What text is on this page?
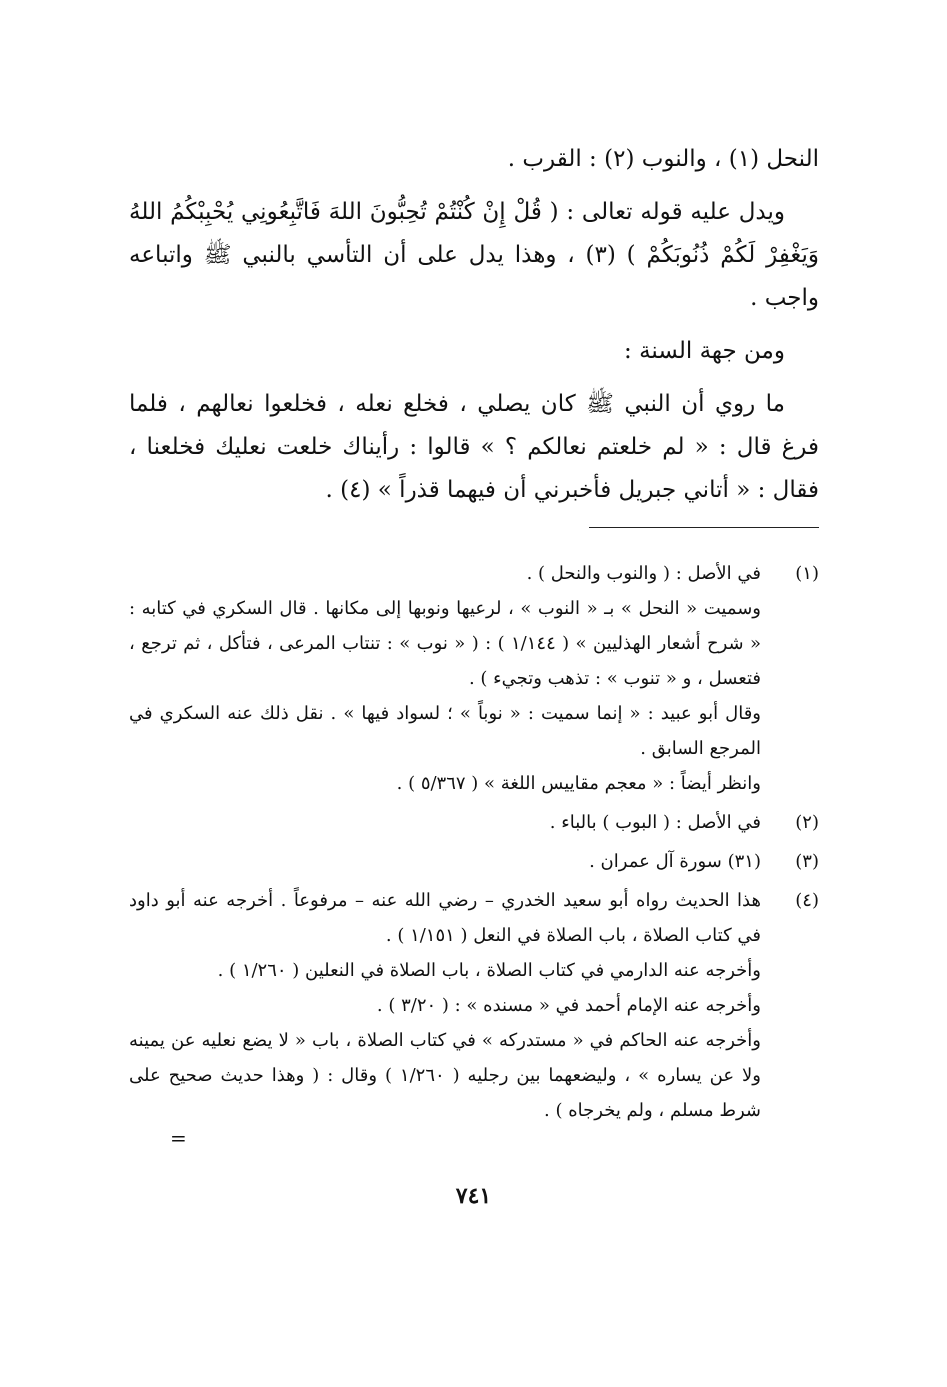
النحل (١) ، والنوب (٢) : القرب .

ويدل عليه قوله تعالى : ( قُلْ إِنْ كُنْتُمْ تُحِبُّونَ اللهَ فَاتَّبِعُونِي يُحْبِبْكُمُ اللهُ وَيَغْفِرْ لَكُمْ ذُنُوبَكُمْ ) (٣) ، وهذا يدل على أن التأسي بالنبي ﷺ واتباعه واجب .

ومن جهة السنة :

ما روي أن النبي ﷺ كان يصلي ، فخلع نعله ، فخلعوا نعالهم ، فلما فرغ قال : « لم خلعتم نعالكم ؟ » قالوا : رأيناك خلعت نعليك فخلعنا ، فقال : « أتاني جبريل فأخبرني أن فيهما قذراً » (٤) .

(١)

في الأصل : ( والنوب والنحل ) .

وسميت « النحل » بـ « النوب » ، لرعيها ونوبها إلى مكانها . قال السكري في كتابه : « شرح أشعار الهذليين » ( ١/١٤٤ ) : ( « نوب » : تنتاب المرعى ، فتأكل ، ثم ترجع ، فتعسل ، و « تنوب » : تذهب وتجيء ) .

وقال أبو عبيد : « إنما سميت : « نوباً » ؛ لسواد فيها » . نقل ذلك عنه السكري في المرجع السابق .

وانظر أيضاً : « معجم مقاييس اللغة » ( ٥/٣٦٧ ) .

(٢)

في الأصل : ( البوب ) بالباء .

(٣)

(٣١) سورة آل عمران .

(٤)

هذا الحديث رواه أبو سعيد الخدري – رضي الله عنه – مرفوعاً . أخرجه عنه أبو داود في كتاب الصلاة ، باب الصلاة في النعل ( ١/١٥١ ) .

وأخرجه عنه الدارمي في كتاب الصلاة ، باب الصلاة في النعلين ( ١/٢٦٠ ) .

وأخرجه عنه الإمام أحمد في « مسنده » : ( ٣/٢٠ ) .

وأخرجه عنه الحاكم في « مستدركه » في كتاب الصلاة ، باب « لا يضع نعليه عن يمينه ولا عن يساره » ، وليضعهما بين رجليه ( ١/٢٦٠ ) وقال : ( وهذا حديث صحيح على شرط مسلم ، ولم يخرجاه ) .

=
٧٤١
